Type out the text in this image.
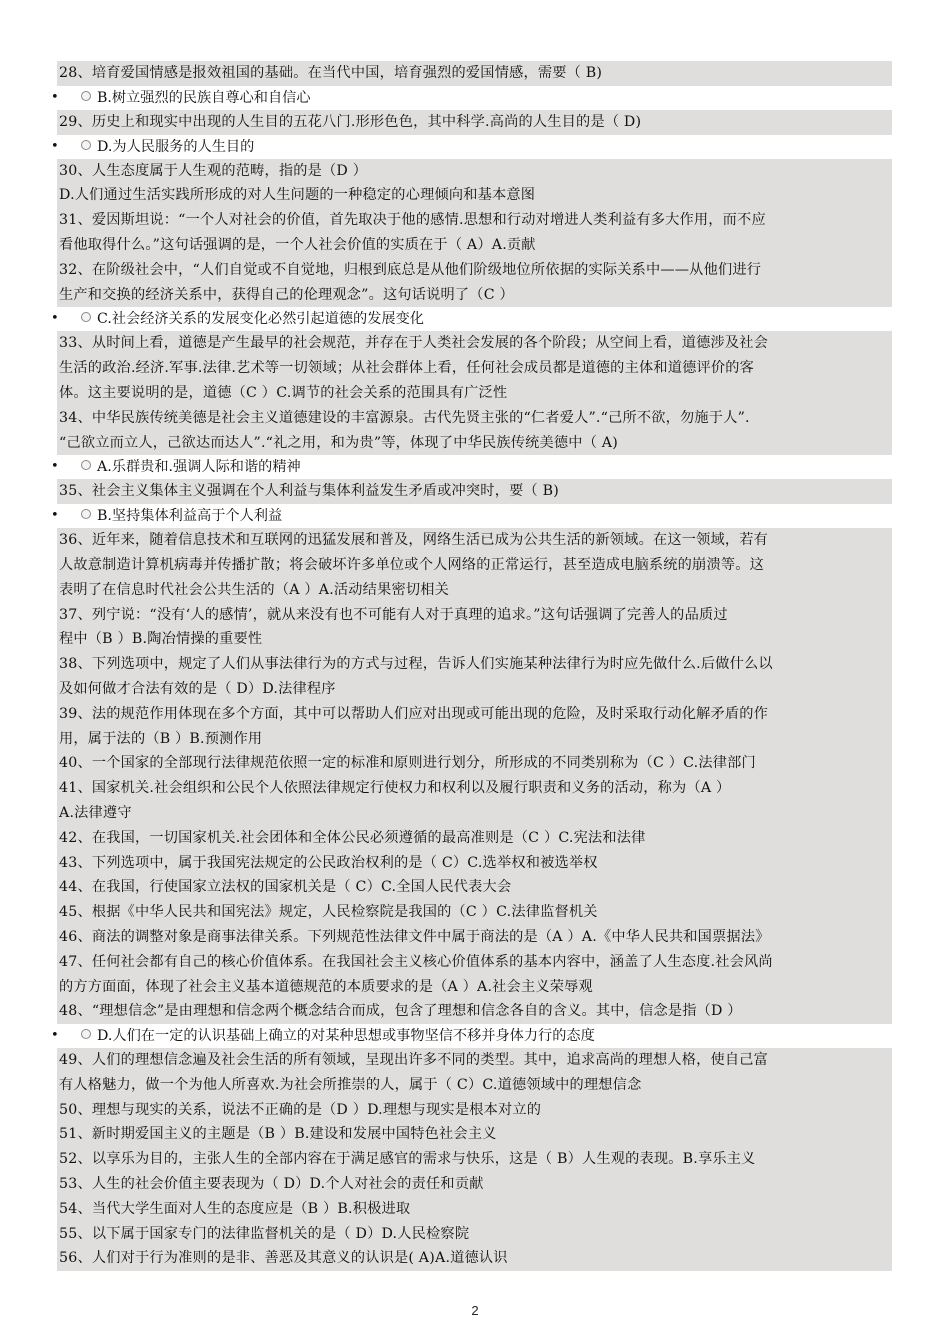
28、培育爱国情感是报效祖国的基础。在当代中国，培育强烈的爱国情感，需要（ B)

•	B.树立强烈的民族自尊心和自信心

29、历史上和现实中出现的人生目的五花八门.形形色色，其中科学.高尚的人生目的是（ D)

•	D.为人民服务的人生目的

30、人生态度属于人生观的范畴，指的是（D ）

D.人们通过生活实践所形成的对人生问题的一种稳定的心理倾向和基本意图

31、爱因斯坦说：“一个人对社会的价值，首先取决于他的感情.思想和行动对增进人类利益有多大作用，而不应

看他取得什么。”这句话强调的是，一个人社会价值的实质在于（ A）A.贡献

32、在阶级社会中，“人们自觉或不自觉地，归根到底总是从他们阶级地位所依据的实际关系中——从他们进行

生产和交换的经济关系中，获得自己的伦理观念”。这句话说明了（C ）

•	C.社会经济关系的发展变化必然引起道德的发展变化

33、从时间上看，道德是产生最早的社会规范，并存在于人类社会发展的各个阶段；从空间上看，道德涉及社会

生活的政治.经济.军事.法律.艺术等一切领域；从社会群体上看，任何社会成员都是道德的主体和道德评价的客

体。这主要说明的是，道德（C ）C.调节的社会关系的范围具有广泛性

34、中华民族传统美德是社会主义道德建设的丰富源泉。古代先贤主张的“仁者爱人”.“己所不欲，勿施于人”.

“己欲立而立人，己欲达而达人”.“礼之用，和为贵”等，体现了中华民族传统美德中（ A)

•	A.乐群贵和.强调人际和谐的精神

35、社会主义集体主义强调在个人利益与集体利益发生矛盾或冲突时，要（ B)

•	B.坚持集体利益高于个人利益

36、近年来，随着信息技术和互联网的迅猛发展和普及，网络生活已成为公共生活的新领域。在这一领域，若有

人故意制造计算机病毒并传播扩散；将会破坏许多单位或个人网络的正常运行，甚至造成电脑系统的崩溃等。这

表明了在信息时代社会公共生活的（A ）A.活动结果密切相关

37、列宁说：“没有‘人的感情’，就从来没有也不可能有人对于真理的追求。”这句话强调了完善人的品质过

程中（B ）B.陶冶情操的重要性

38、下列选项中，规定了人们从事法律行为的方式与过程，告诉人们实施某种法律行为时应先做什么.后做什么以

及如何做才合法有效的是（ D）D.法律程序

39、法的规范作用体现在多个方面，其中可以帮助人们应对出现或可能出现的危险，及时采取行动化解矛盾的作

用，属于法的（B ）B.预测作用

40、一个国家的全部现行法律规范依照一定的标准和原则进行划分，所形成的不同类别称为（C ）C.法律部门

41、国家机关.社会组织和公民个人依照法律规定行使权力和权利以及履行职责和义务的活动，称为（A ）

A.法律遵守

42、在我国，一切国家机关.社会团体和全体公民必须遵循的最高准则是（C ）C.宪法和法律

43、下列选项中，属于我国宪法规定的公民政治权利的是（ C）C.选举权和被选举权

44、在我国，行使国家立法权的国家机关是（ C）C.全国人民代表大会

45、根据《中华人民共和国宪法》规定，人民检察院是我国的（C ）C.法律监督机关

46、商法的调整对象是商事法律关系。下列规范性法律文件中属于商法的是（A ）A.《中华人民共和国票据法》

47、任何社会都有自己的核心价值体系。在我国社会主义核心价值体系的基本内容中，涵盖了人生态度.社会风尚

的方方面面，体现了社会主义基本道德规范的本质要求的是（A ）A.社会主义荣辱观

48、“理想信念”是由理想和信念两个概念结合而成，包含了理想和信念各自的含义。其中，信念是指（D ）

•	D.人们在一定的认识基础上确立的对某种思想或事物坚信不移并身体力行的态度

49、人们的理想信念遍及社会生活的所有领域，呈现出许多不同的类型。其中，追求高尚的理想人格，使自己富

有人格魅力，做一个为他人所喜欢.为社会所推崇的人，属于（ C）C.道德领域中的理想信念

50、理想与现实的关系，说法不正确的是（D ）D.理想与现实是根本对立的

51、新时期爱国主义的主题是（B ）B.建设和发展中国特色社会主义

52、以享乐为目的，主张人生的全部内容在于满足感官的需求与快乐，这是（ B）人生观的表现。B.享乐主义

53、人生的社会价值主要表现为（ D）D.个人对社会的责任和贡献

54、当代大学生面对人生的态度应是（B ）B.积极进取

55、以下属于国家专门的法律监督机关的是（ D）D.人民检察院

56、人们对于行为准则的是非、善恶及其意义的认识是( A)A.道德认识

2
